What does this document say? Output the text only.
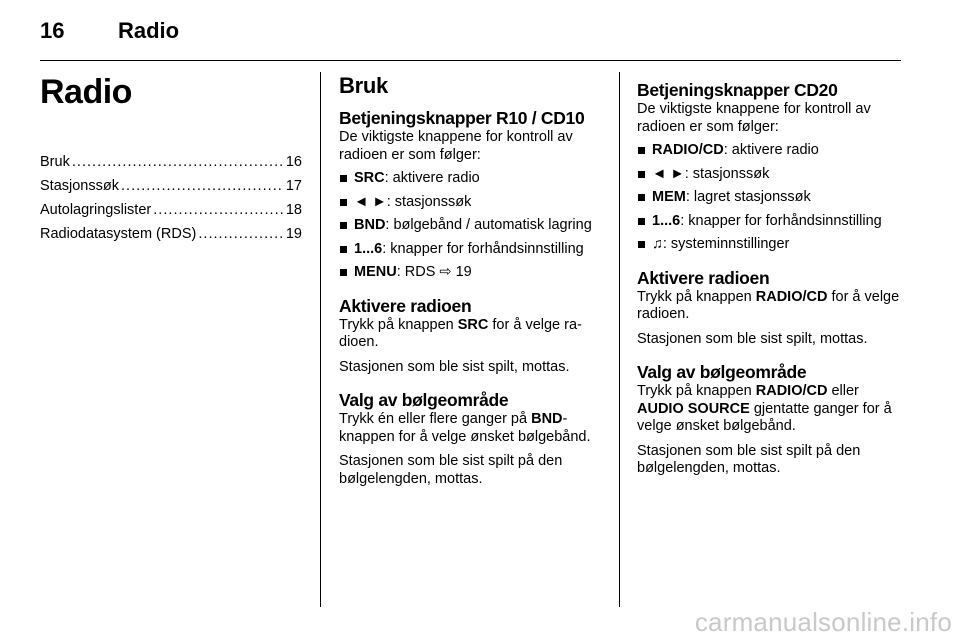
16 Radio
Radio
Bruk . . .	16
Stasjonssøk . . .	17
Autolagringslister . . .	18
Radiodatasystem (RDS) . . .	19
Bruk
Betjeningsknapper R10 / CD10

De viktigste knappene for kontroll av radioen er som følger:

SRC: aktivere radio
◄ ►: stasjonssøk
BND: bølgebånd / automatisk lagring
1...6: knapper for forhåndsinnstilling
MENU: RDS ⇨ 19
Aktivere radioen

Trykk på knappen SRC for å velge radioen.

Stasjonen som ble sist spilt, mottas.

Valg av bølgeområde

Trykk én eller flere ganger på BND-knappen for å velge ønsket bølgebånd.

Stasjonen som ble sist spilt på den bølgelengden, mottas.

Betjeningsknapper CD20

De viktigste knappene for kontroll av radioen er som følger:

RADIO/CD: aktivere radio
◄ ►: stasjonssøk
MEM: lagret stasjonssøk
1...6: knapper for forhåndsinnstilling
♫: systeminnstillinger
Aktivere radioen

Trykk på knappen RADIO/CD for å velge radioen.

Stasjonen som ble sist spilt, mottas.

Valg av bølgeområde

Trykk på knappen RADIO/CD eller AUDIO SOURCE gjentatte ganger for å velge ønsket bølgebånd.

Stasjonen som ble sist spilt på den bølgelengden, mottas.

carmanualsonline.info
